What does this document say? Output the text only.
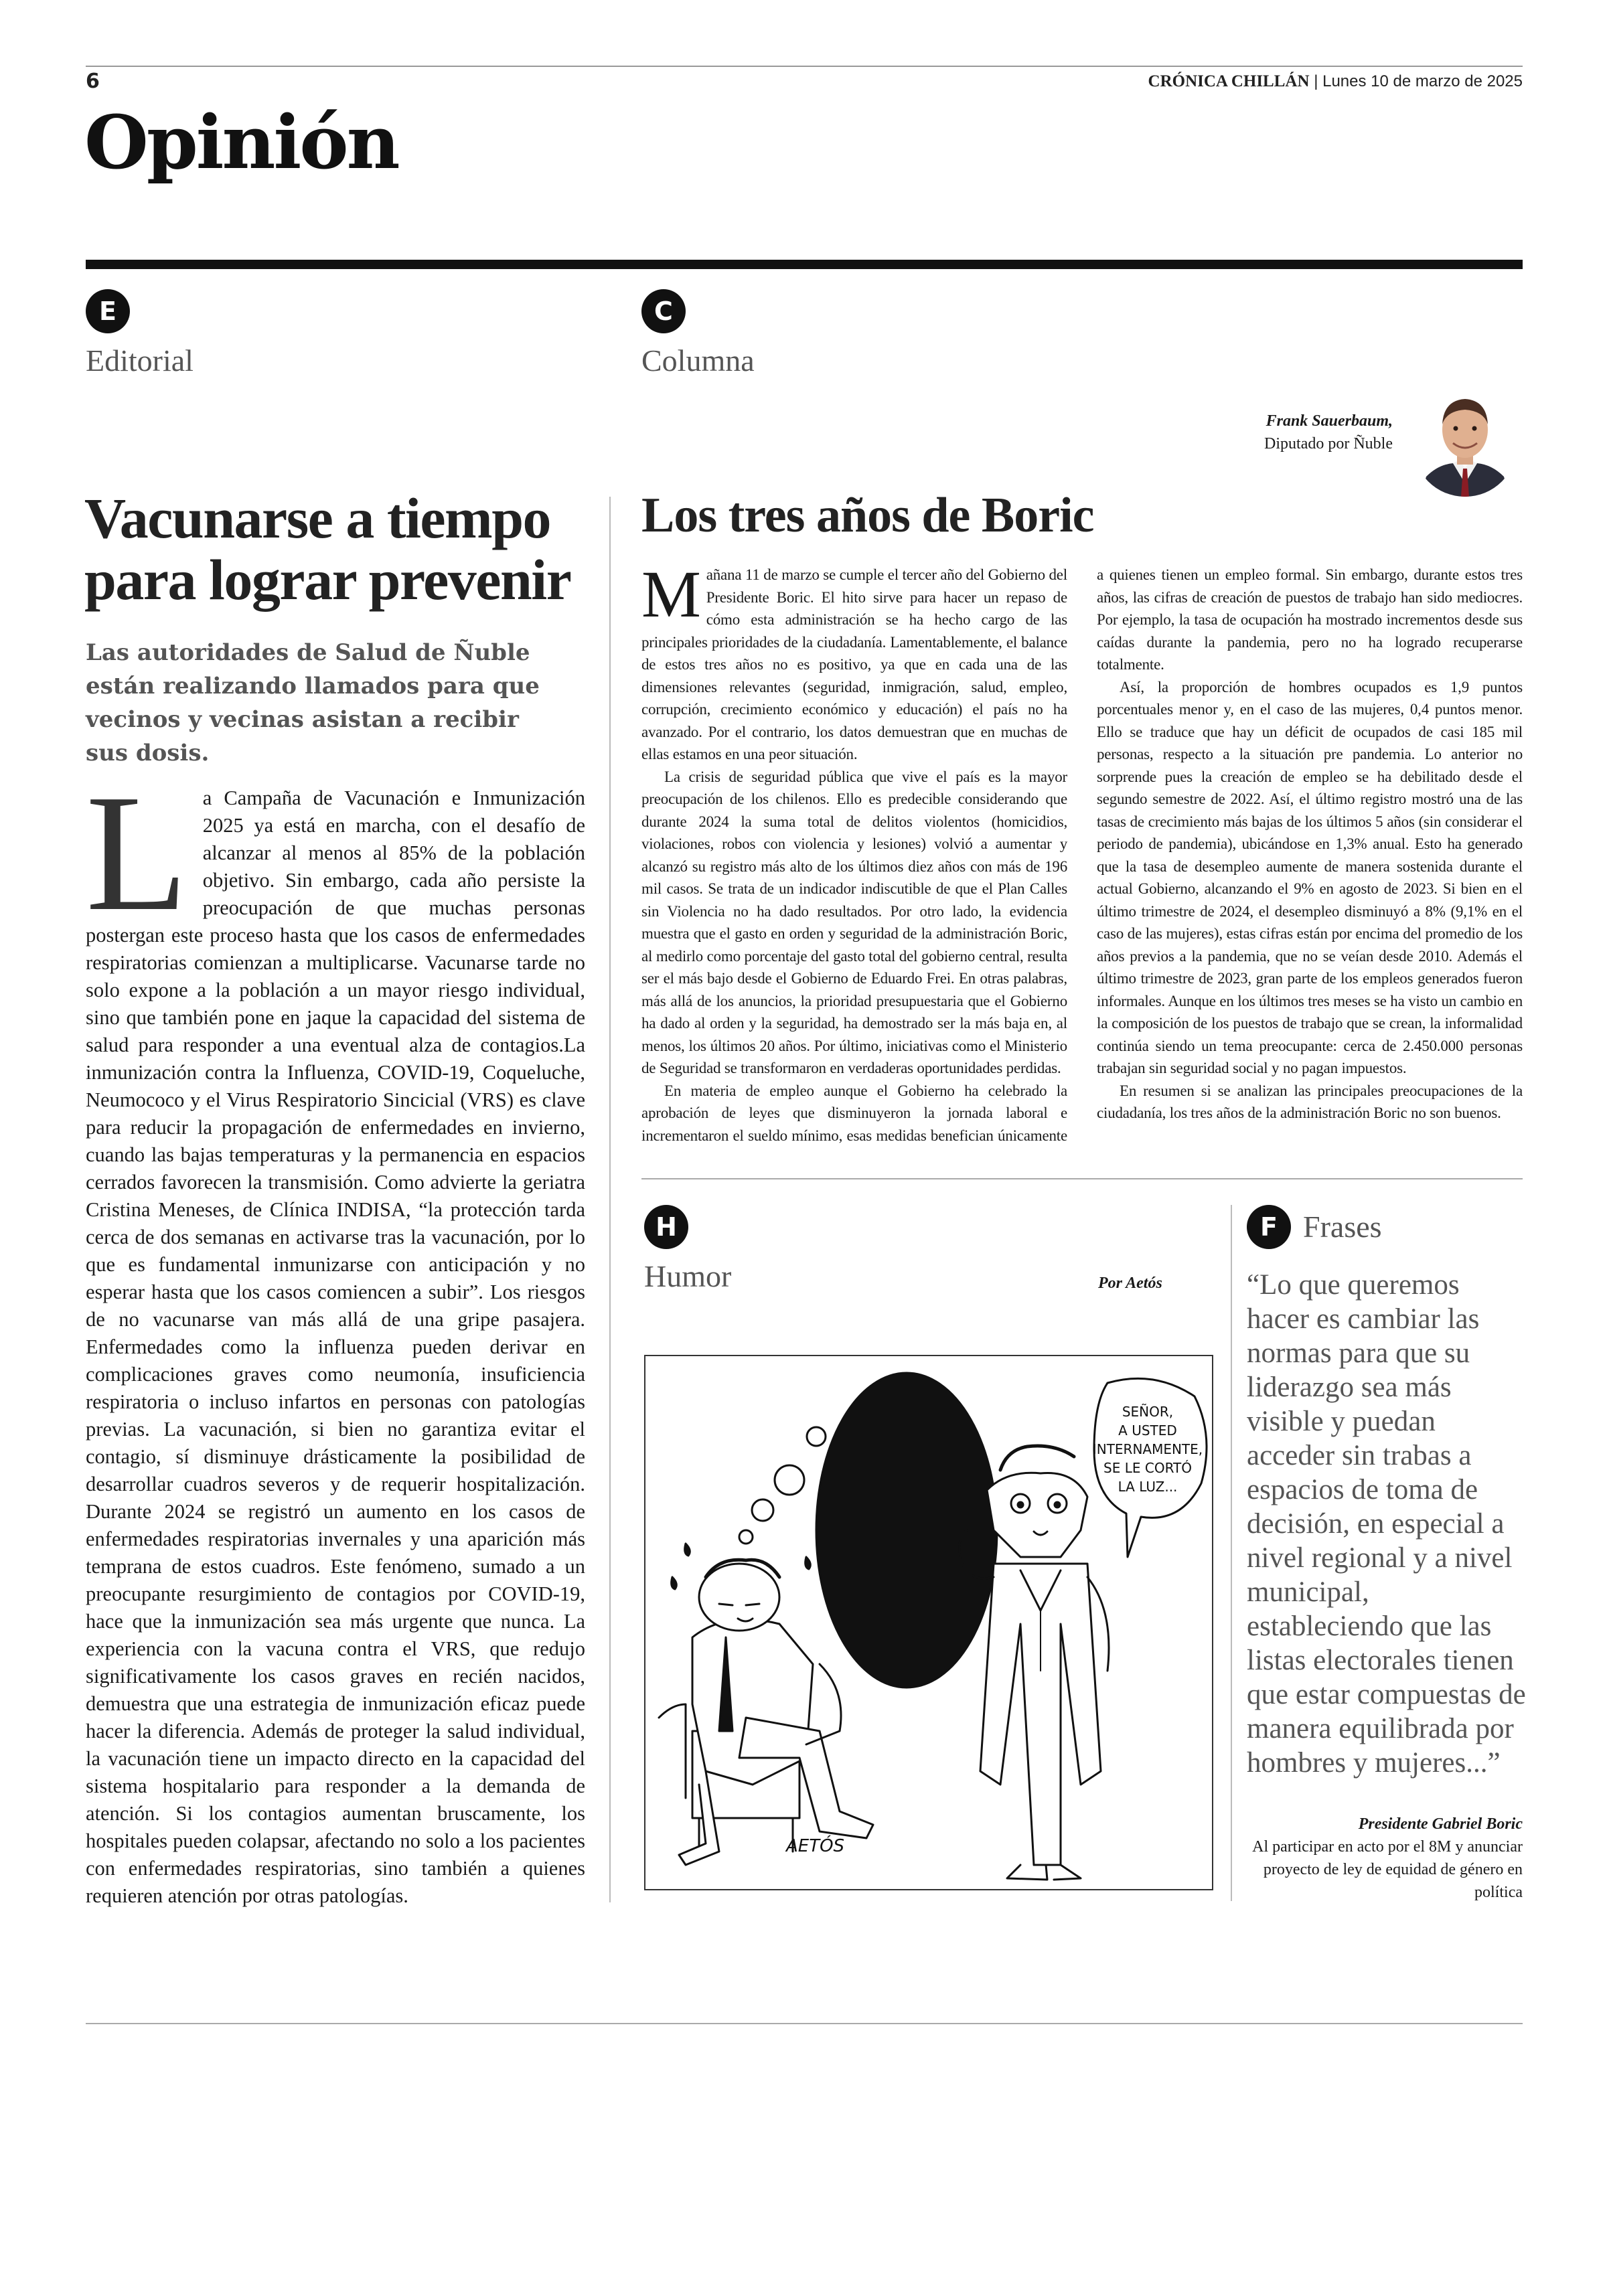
6	CRÓNICA CHILLÁN | Lunes 10 de marzo de 2025
Opinión
E
Editorial
Vacunarse a tiempo para lograr prevenir
Las autoridades de Salud de Ñuble están realizando llamados para que vecinos y vecinas asistan a recibir sus dosis.
La Campaña de Vacunación e Inmunización 2025 ya está en marcha, con el desafío de alcanzar al menos al 85% de la población objetivo. Sin embargo, cada año persiste la preocupación de que muchas personas postergan este proceso hasta que los casos de enfermedades respiratorias comienzan a multiplicarse. Vacunarse tarde no solo expone a la población a un mayor riesgo individual, sino que también pone en jaque la capacidad del sistema de salud para responder a una eventual alza de contagios.La inmunización contra la Influenza, COVID-19, Coqueluche, Neumococo y el Virus Respiratorio Sincicial (VRS) es clave para reducir la propagación de enfermedades en invierno, cuando las bajas temperaturas y la permanencia en espacios cerrados favorecen la transmisión. Como advierte la geriatra Cristina Meneses, de Clínica INDISA, “la protección tarda cerca de dos semanas en activarse tras la vacunación, por lo que es fundamental inmunizarse con anticipación y no esperar hasta que los casos comiencen a subir”. Los riesgos de no vacunarse van más allá de una gripe pasajera. Enfermedades como la influenza pueden derivar en complicaciones graves como neumonía, insuficiencia respiratoria o incluso infartos en personas con patologías previas. La vacunación, si bien no garantiza evitar el contagio, sí disminuye drásticamente la posibilidad de desarrollar cuadros severos y de requerir hospitalización. Durante 2024 se registró un aumento en los casos de enfermedades respiratorias invernales y una aparición más temprana de estos cuadros. Este fenómeno, sumado a un preocupante resurgimiento de contagios por COVID-19, hace que la inmunización sea más urgente que nunca. La experiencia con la vacuna contra el VRS, que redujo significativamente los casos graves en recién nacidos, demuestra que una estrategia de inmunización eficaz puede hacer la diferencia. Además de proteger la salud individual, la vacunación tiene un impacto directo en la capacidad del sistema hospitalario para responder a la demanda de atención. Si los contagios aumentan bruscamente, los hospitales pueden colapsar, afectando no solo a los pacientes con enfermedades respiratorias, sino también a quienes requieren atención por otras patologías.
C
Columna
Frank Sauerbaum,
Diputado por Ñuble
Los tres años de Boric

Mañana 11 de marzo se cumple el tercer año del Gobierno del Presidente Boric. El hito sirve para hacer un repaso de cómo esta administración se ha hecho cargo de las principales prioridades de la ciudadanía. Lamentablemente, el balance de estos tres años no es positivo, ya que en cada una de las dimensiones relevantes (seguridad, inmigración, salud, empleo, corrupción, crecimiento económico y educación) el país no ha avanzado. Por el contrario, los datos demuestran que en muchas de ellas estamos en una peor situación.

La crisis de seguridad pública que vive el país es la mayor preocupación de los chilenos. Ello es predecible considerando que durante 2024 la suma total de delitos violentos (homicidios, violaciones, robos con violencia y lesiones) volvió a aumentar y alcanzó su registro más alto de los últimos diez años con más de 196 mil casos. Se trata de un indicador indiscutible de que el Plan Calles sin Violencia no ha dado resultados. Por otro lado, la evidencia muestra que el gasto en orden y seguridad de la administración Boric, al medirlo como porcentaje del gasto total del gobierno central, resulta ser el más bajo desde el Gobierno de Eduardo Frei. En otras palabras, más allá de los anuncios, la prioridad presupuestaria que el Gobierno ha dado al orden y la seguridad, ha demostrado ser la más baja en, al menos, los últimos 20 años. Por último, iniciativas como el Ministerio de Seguridad se transformaron en verdaderas oportunidades perdidas.

En materia de empleo aunque el Gobierno ha celebrado la aprobación de leyes que disminuyeron la jornada laboral e incrementaron el sueldo mínimo, esas medidas benefician únicamente a quienes tienen un empleo formal. Sin embargo, durante estos tres años, las cifras de creación de puestos de trabajo han sido mediocres. Por ejemplo, la tasa de ocupación ha mostrado incrementos desde sus caídas durante la pandemia, pero no ha logrado recuperarse totalmente.

Así, la proporción de hombres ocupados es 1,9 puntos porcentuales menor y, en el caso de las mujeres, 0,4 puntos menor. Ello se traduce que hay un déficit de ocupados de casi 185 mil personas, respecto a la situación pre pandemia. Lo anterior no sorprende pues la creación de empleo se ha debilitado desde el segundo semestre de 2022. Así, el último registro mostró una de las tasas de crecimiento más bajas de los últimos 5 años (sin considerar el periodo de pandemia), ubicándose en 1,3% anual. Esto ha generado que la tasa de desempleo aumente de manera sostenida durante el actual Gobierno, alcanzando el 9% en agosto de 2023. Si bien en el último trimestre de 2024, el desempleo disminuyó a 8% (9,1% en el caso de las mujeres), estas cifras están por encima del promedio de los años previos a la pandemia, que no se veían desde 2010. Además el último trimestre de 2023, gran parte de los empleos generados fueron informales. Aunque en los últimos tres meses se ha visto un cambio en la composición de los puestos de trabajo que se crean, la informalidad continúa siendo un tema preocupante: cerca de 2.450.000 personas trabajan sin seguridad social y no pagan impuestos.

En resumen si se analizan las principales preocupaciones de la ciudadanía, los tres años de la administración Boric no son buenos.

H
Humor	Por Aetós
SEÑOR,
A USTED
INTERNAMENTE,
SE LE CORTÓ
LA LUZ...
AETÓS
F Frases
“Lo que queremos hacer es cambiar las normas para que su liderazgo sea más visible y puedan acceder sin trabas a espacios de toma de decisión, en especial a nivel regional y a nivel municipal, estableciendo que las listas electorales tienen que estar compuestas de manera equilibrada por hombres y mujeres...”
Presidente Gabriel Boric
Al participar en acto por el 8M y anunciar proyecto de ley de equidad de género en política
